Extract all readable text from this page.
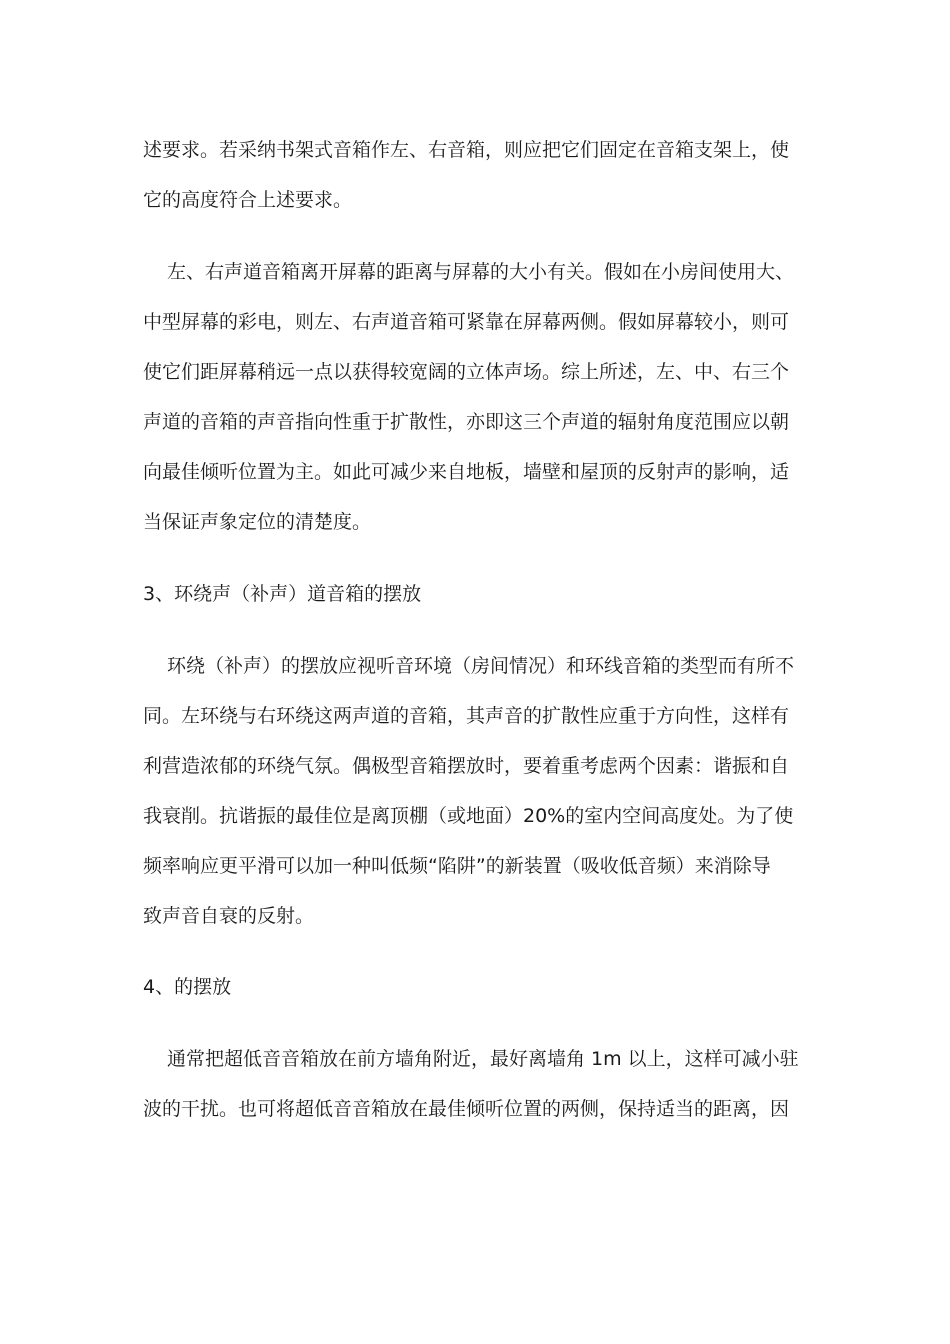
述要求。若采纳书架式音箱作左、右音箱，则应把它们固定在音箱支架上，使
它的高度符合上述要求。
左、右声道音箱离开屏幕的距离与屏幕的大小有关。假如在小房间使用大、
中型屏幕的彩电，则左、右声道音箱可紧靠在屏幕两侧。假如屏幕较小，则可
使它们距屏幕稍远一点以获得较宽阔的立体声场。综上所述，左、中、右三个
声道的音箱的声音指向性重于扩散性，亦即这三个声道的辐射角度范围应以朝
向最佳倾听位置为主。如此可减少来自地板，墙壁和屋顶的反射声的影响，适
当保证声象定位的清楚度。
3、环绕声（补声）道音箱的摆放
环绕（补声）的摆放应视听音环境（房间情况）和环线音箱的类型而有所不
同。左环绕与右环绕这两声道的音箱，其声音的扩散性应重于方向性，这样有
利营造浓郁的环绕气氛。偶极型音箱摆放时，要着重考虑两个因素：谐振和自
我衰削。抗谐振的最佳位是离顶棚（或地面）20%的室内空间高度处。为了使
频率响应更平滑可以加一种叫低频“陷阱”的新装置（吸收低音频）来消除导
致声音自衰的反射。
4、的摆放
通常把超低音音箱放在前方墙角附近，最好离墙角 1m 以上，这样可减小驻
波的干扰。也可将超低音音箱放在最佳倾听位置的两侧，保持适当的距离，因
